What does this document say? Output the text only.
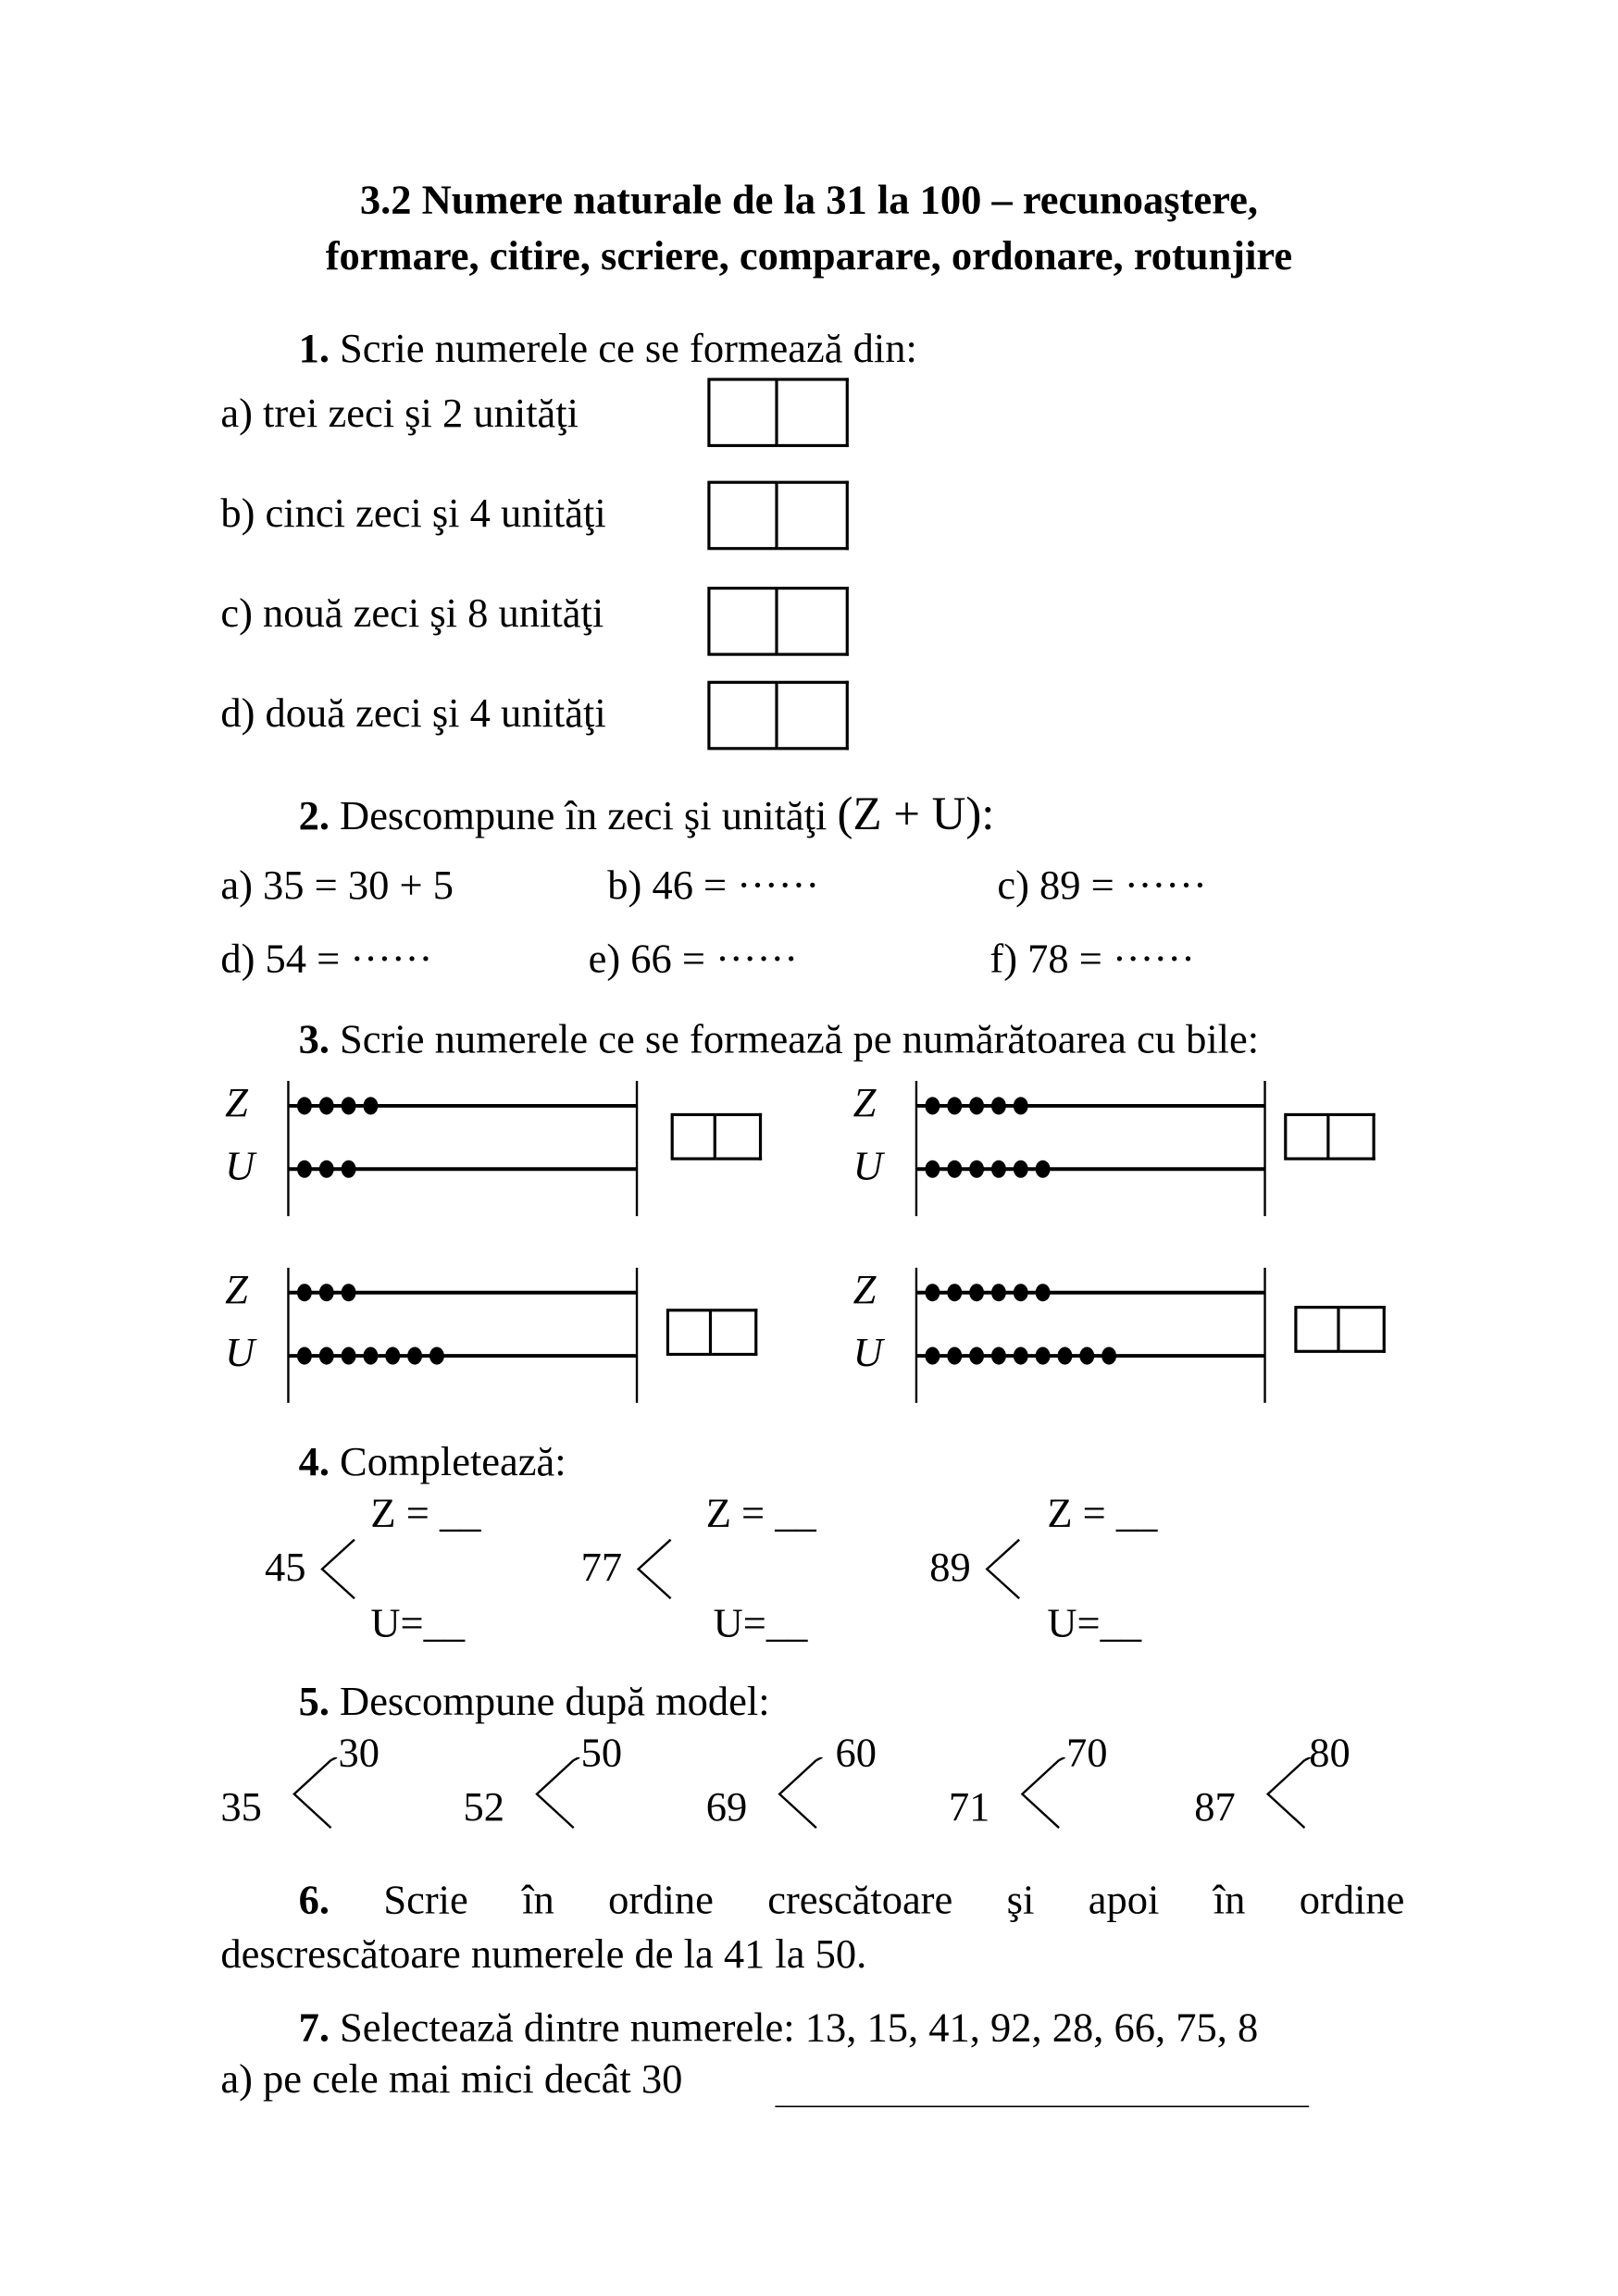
3.2 Numere naturale de la 31 la 100 – recunoaştere,
formare, citire, scriere, comparare, ordonare, rotunjire
1. Scrie numerele ce se formează din:
a) trei zeci şi 2 unităţi
b) cinci zeci şi 4 unităţi
c) nouă zeci şi 8 unităţi
d) două zeci şi 4 unităţi
2. Descompune în zeci şi unităţi (Z + U):
a) 35 = 30 + 5	b) 46 = ······	c) 89 = ······
d) 54 = ······	e) 66 = ······	f) 78 = ······
3. Scrie numerele ce se formează pe numărătoarea cu bile:
Z
U
Z
U
Z
U
Z
U
4. Completează:
45
Z = __
U=__
77
Z = __
U=__
89
Z = __
U=__
5. Descompune după model:
35
30
52
50
69
60
71
70
87
80
6. Scrie în ordine crescătoare şi apoi în ordine
descrescătoare numerele de la 41 la 50.
7. Selectează dintre numerele: 13, 15, 41, 92, 28, 66, 75, 8
a) pe cele mai mici decât 30
